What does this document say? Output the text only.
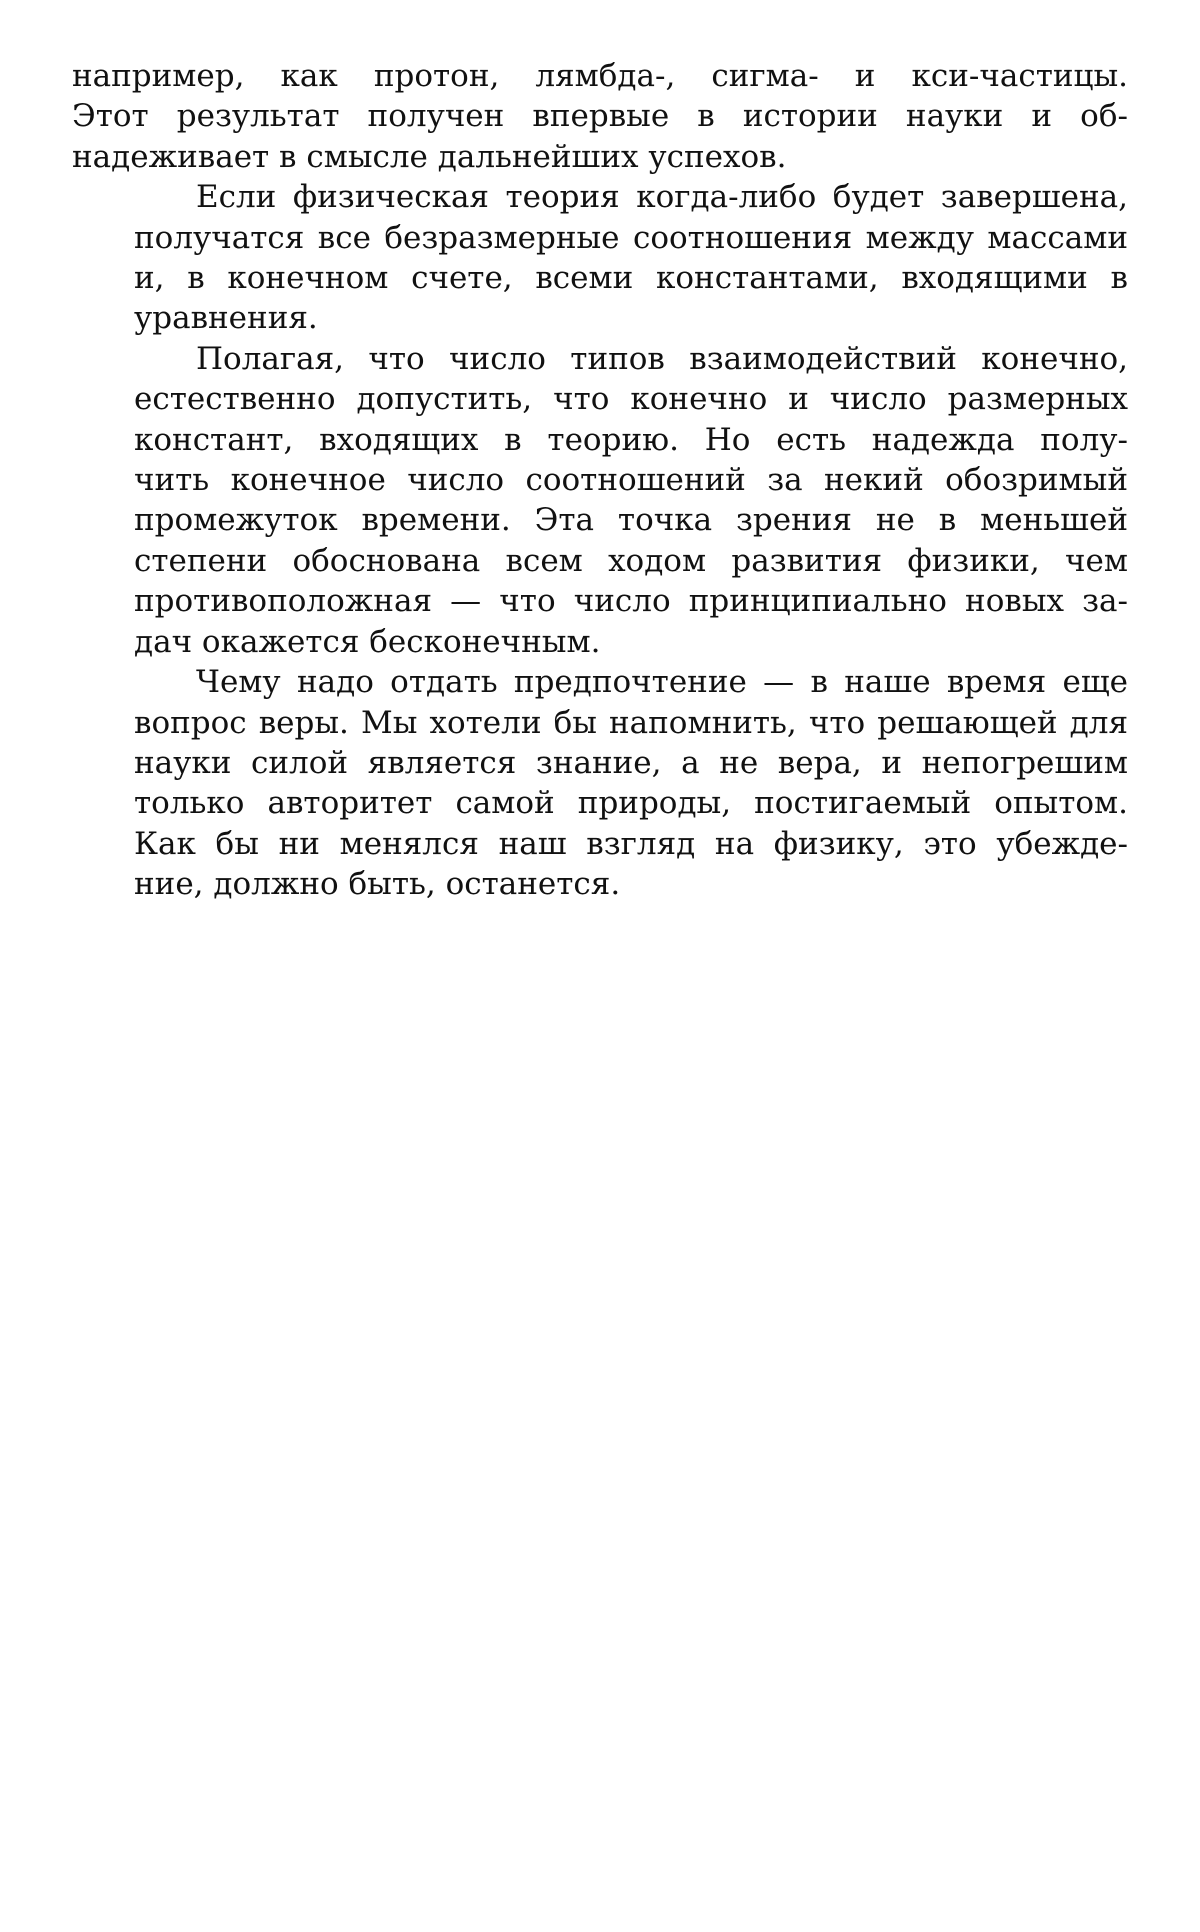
например, как протон, лямбда-, сигма- и кси-частицы.
Этот результат получен впервые в истории науки и об-
надеживает в смысле дальнейших успехов.
Если физическая теория когда-либо будет завершена,
получатся все безразмерные соотношения между массами
и, в конечном счете, всеми константами, входящими в
уравнения.
Полагая, что число типов взаимодействий конечно,
естественно допустить, что конечно и число размерных
констант, входящих в теорию. Но есть надежда полу-
чить конечное число соотношений за некий обозримый
промежуток времени. Эта точка зрения не в меньшей
степени обоснована всем ходом развития физики, чем
противоположная — что число принципиально новых за-
дач окажется бесконечным.
Чему надо отдать предпочтение — в наше время еще
вопрос веры. Мы хотели бы напомнить, что решающей для
науки силой является знание, а не вера, и непогрешим
только авторитет самой природы, постигаемый опытом.
Как бы ни менялся наш взгляд на физику, это убежде-
ние, должно быть, останется.
